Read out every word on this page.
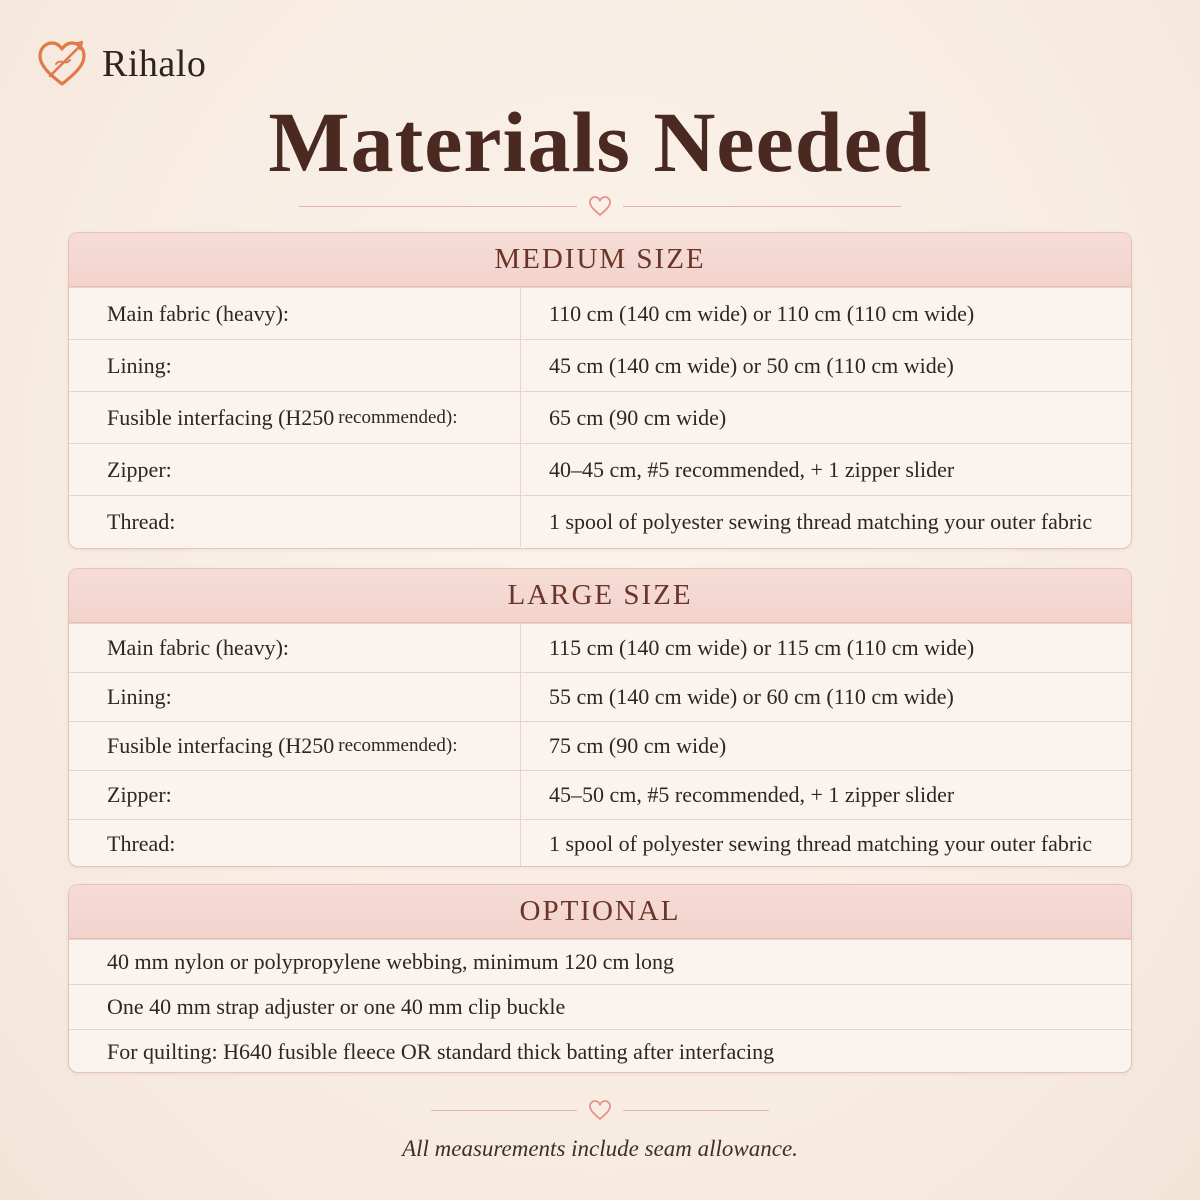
Rihalo
Materials Needed
MEDIUM SIZE
Main fabric (heavy):	110 cm (140 cm wide) or 110 cm (110 cm wide)
Lining:	45 cm (140 cm wide) or 50 cm (110 cm wide)
Fusible interfacing (H250 recommended):	65 cm (90 cm wide)
Zipper:	40–45 cm, #5 recommended, + 1 zipper slider
Thread:	1 spool of polyester sewing thread matching your outer fabric
LARGE SIZE
Main fabric (heavy):	115 cm (140 cm wide) or 115 cm (110 cm wide)
Lining:	55 cm (140 cm wide) or 60 cm (110 cm wide)
Fusible interfacing (H250 recommended):	75 cm (90 cm wide)
Zipper:	45–50 cm, #5 recommended, + 1 zipper slider
Thread:	1 spool of polyester sewing thread matching your outer fabric
OPTIONAL
40 mm nylon or polypropylene webbing, minimum 120 cm long
One 40 mm strap adjuster or one 40 mm clip buckle
For quilting: H640 fusible fleece OR standard thick batting after interfacing

All measurements include seam allowance.
